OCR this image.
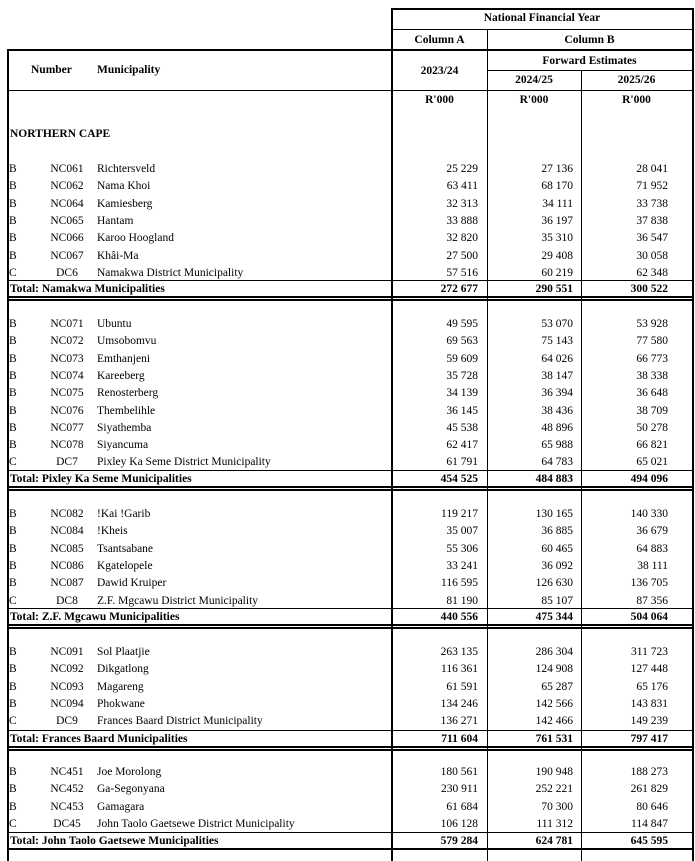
National Financial Year
Column A	Column B
Forward Estimates
Number Municipality	2023/24
2024/25	2025/26
R'000	R'000	R'000
NORTHERN CAPE
B	NC061	Richtersveld	25 229	27 136	28 041
B	NC062	Nama Khoi	63 411	68 170	71 952
B	NC064	Kamiesberg	32 313	34 111	33 738
B	NC065	Hantam	33 888	36 197	37 838
B	NC066	Karoo Hoogland	32 820	35 310	36 547
B	NC067	Khâi-Ma	27 500	29 408	30 058
C	DC6	Namakwa District Municipality	57 516	60 219	62 348
Total: Namakwa Municipalities	272 677	290 551	300 522
B	NC071	Ubuntu	49 595	53 070	53 928
B	NC072	Umsobomvu	69 563	75 143	77 580
B	NC073	Emthanjeni	59 609	64 026	66 773
B	NC074	Kareeberg	35 728	38 147	38 338
B	NC075	Renosterberg	34 139	36 394	36 648
B	NC076	Thembelihle	36 145	38 436	38 709
B	NC077	Siyathemba	45 538	48 896	50 278
B	NC078	Siyancuma	62 417	65 988	66 821
C	DC7	Pixley Ka Seme District Municipality	61 791	64 783	65 021
Total: Pixley Ka Seme Municipalities	454 525	484 883	494 096
B	NC082	!Kai !Garib	119 217	130 165	140 330
B	NC084	!Kheis	35 007	36 885	36 679
B	NC085	Tsantsabane	55 306	60 465	64 883
B	NC086	Kgatelopele	33 241	36 092	38 111
B	NC087	Dawid Kruiper	116 595	126 630	136 705
C	DC8	Z.F. Mgcawu District Municipality	81 190	85 107	87 356
Total: Z.F. Mgcawu Municipalities	440 556	475 344	504 064
B	NC091	Sol Plaatjie	263 135	286 304	311 723
B	NC092	Dikgatlong	116 361	124 908	127 448
B	NC093	Magareng	61 591	65 287	65 176
B	NC094	Phokwane	134 246	142 566	143 831
C	DC9	Frances Baard District Municipality	136 271	142 466	149 239
Total: Frances Baard Municipalities	711 604	761 531	797 417
B	NC451	Joe Morolong	180 561	190 948	188 273
B	NC452	Ga-Segonyana	230 911	252 221	261 829
B	NC453	Gamagara	61 684	70 300	80 646
C	DC45	John Taolo Gaetsewe District Municipality	106 128	111 312	114 847
Total: John Taolo Gaetsewe Municipalities	579 284	624 781	645 595
